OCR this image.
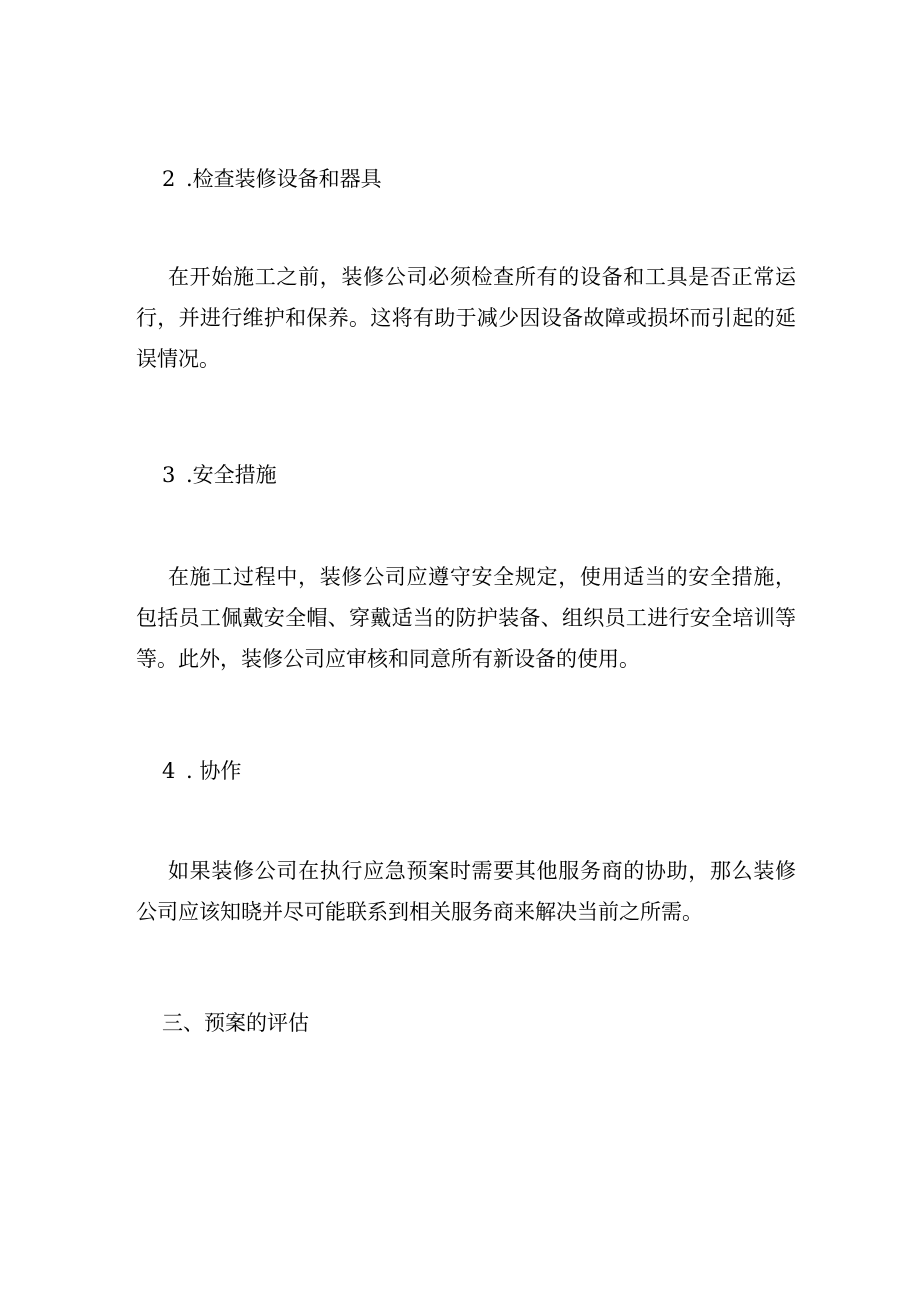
2 .检查装修设备和器具

在开始施工之前，装修公司必须检查所有的设备和工具是否正常运行，并进行维护和保养。这将有助于减少因设备故障或损坏而引起的延误情况。

3 .安全措施

在施工过程中，装修公司应遵守安全规定，使用适当的安全措施，包括员工佩戴安全帽、穿戴适当的防护装备、组织员工进行安全培训等等。此外，装修公司应审核和同意所有新设备的使用。

4 . 协作

如果装修公司在执行应急预案时需要其他服务商的协助，那么装修公司应该知晓并尽可能联系到相关服务商来解决当前之所需。

三、预案的评估
